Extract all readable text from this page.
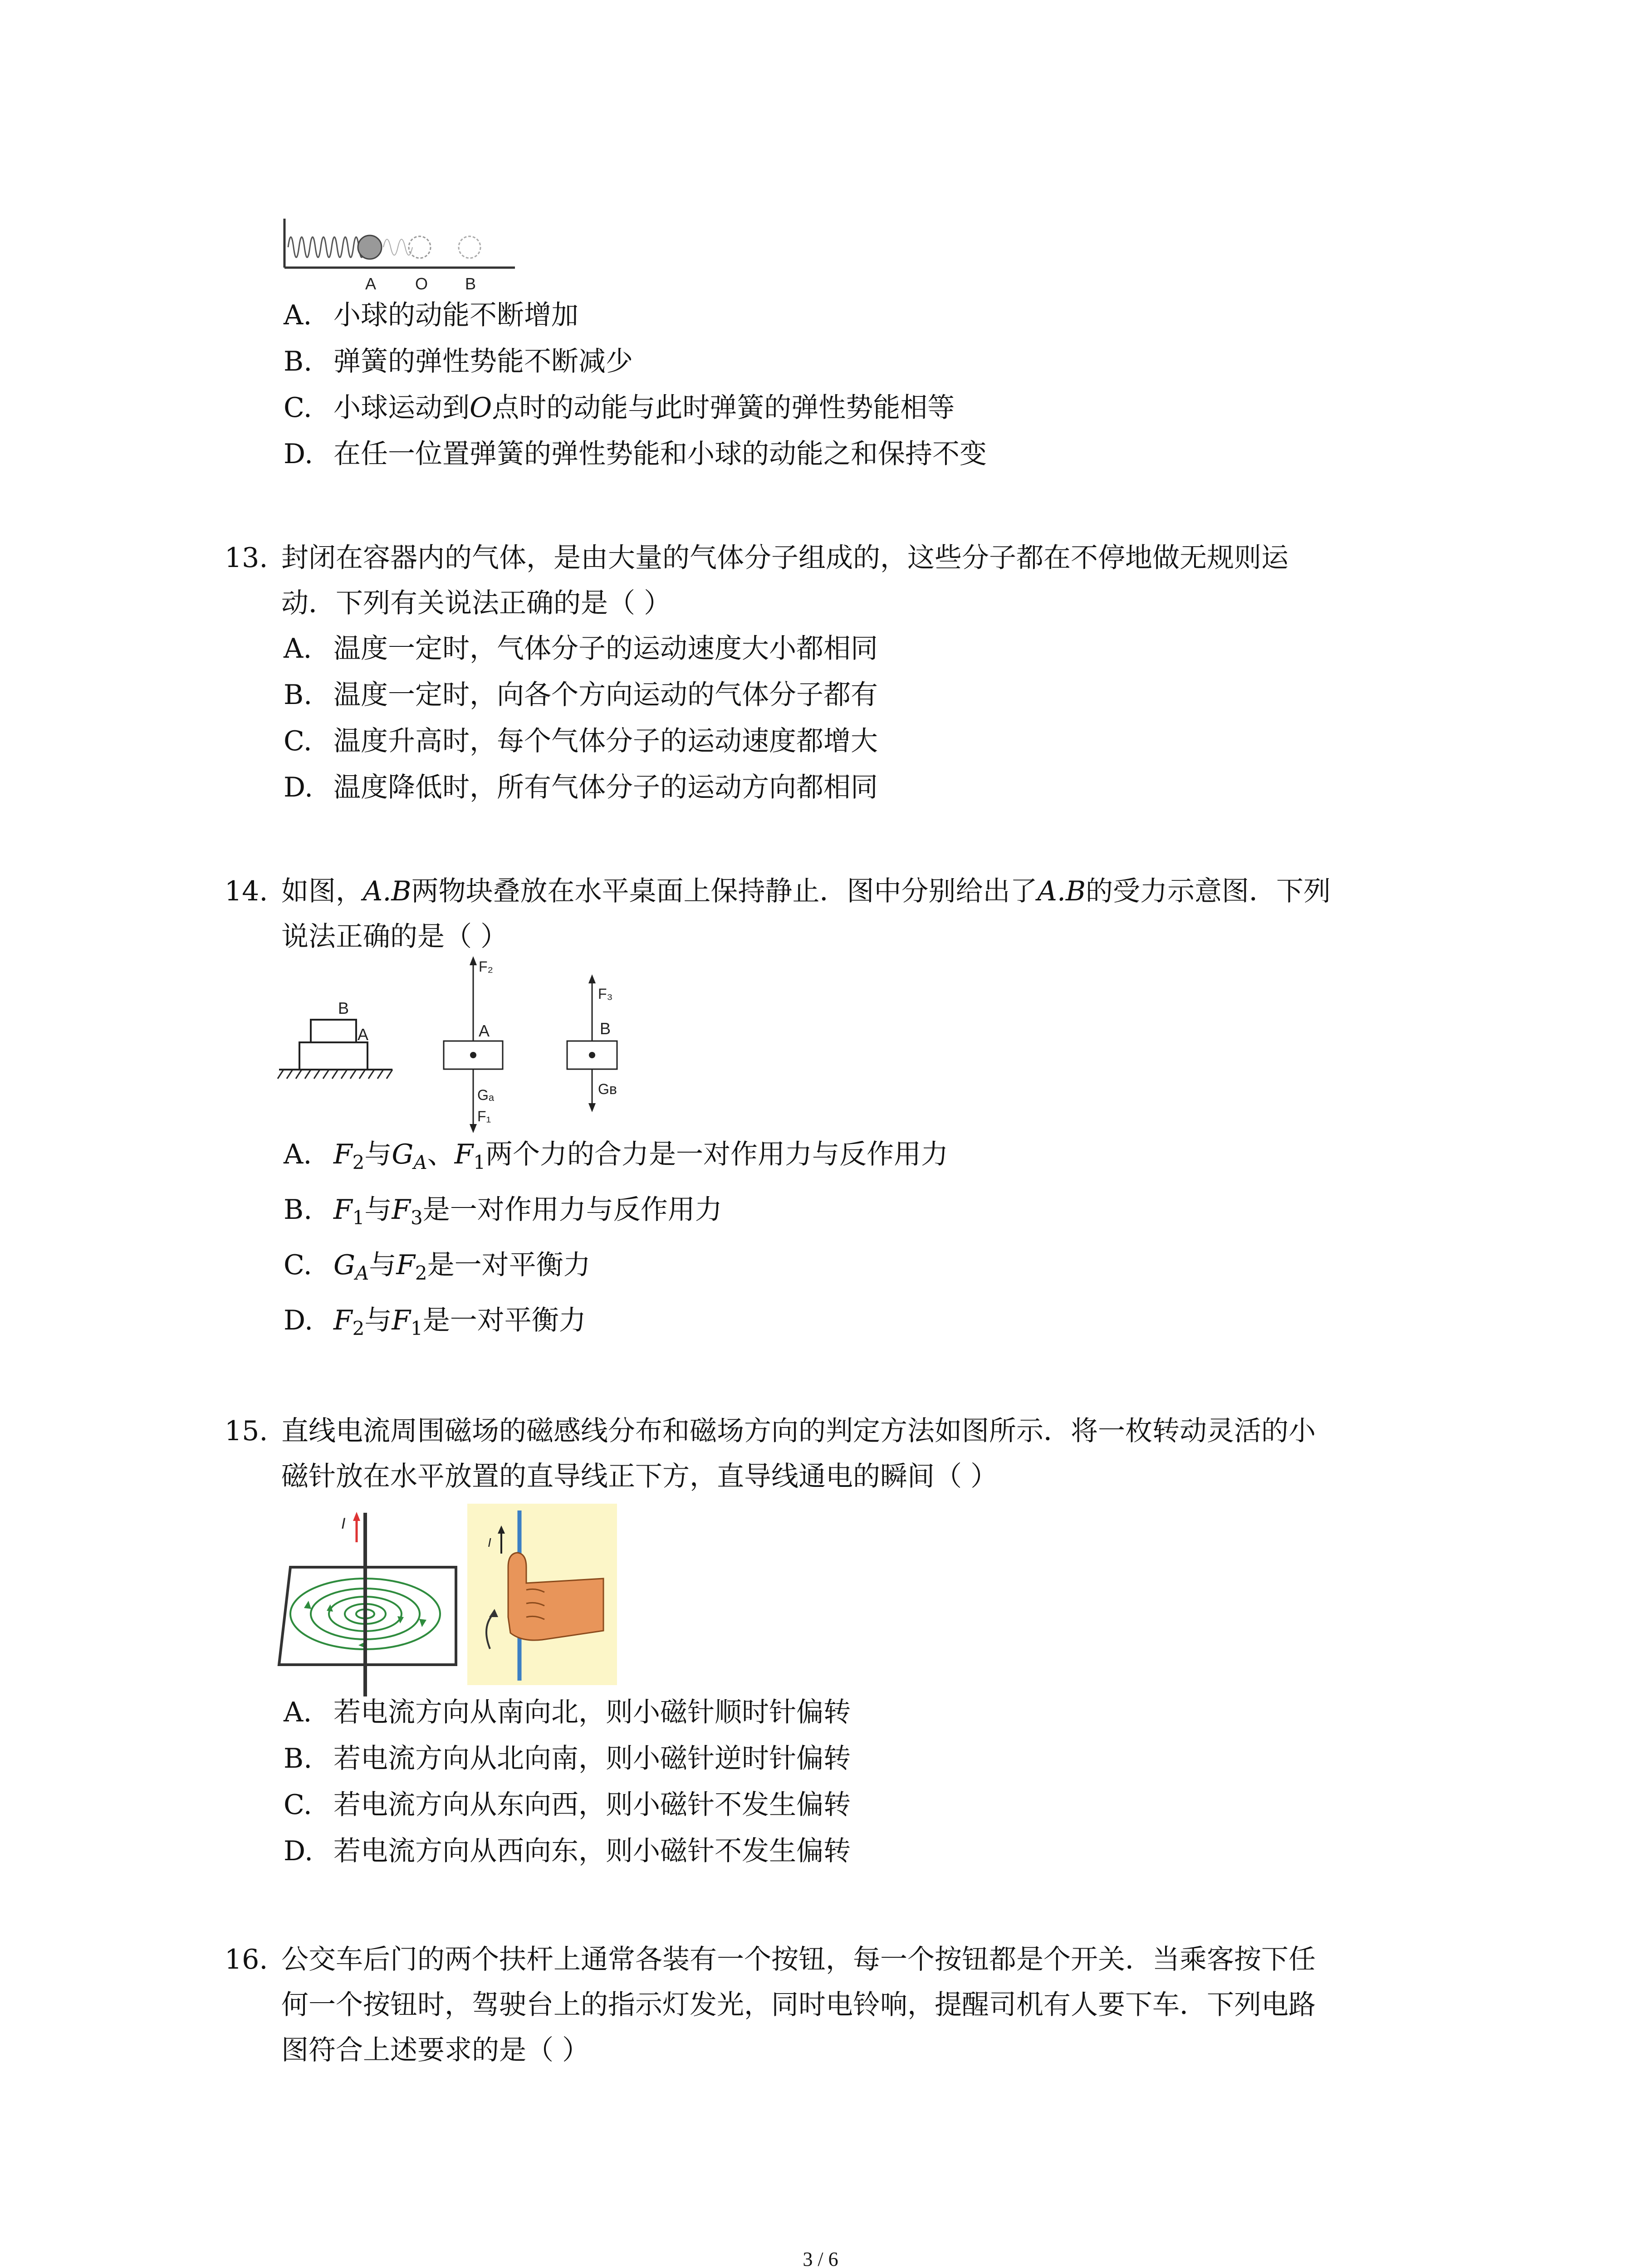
A O B
A. 小球的动能不断增加
B. 弹簧的弹性势能不断减少
C. 小球运动到O点时的动能与此时弹簧的弹性势能相等
D. 在任一位置弹簧的弹性势能和小球的动能之和保持不变
13. 封闭在容器内的气体，是由大量的气体分子组成的，这些分子都在不停地做无规则运
动．下列有关说法正确的是（ ）
A. 温度一定时，气体分子的运动速度大小都相同
B. 温度一定时，向各个方向运动的气体分子都有
C. 温度升高时，每个气体分子的运动速度都增大
D. 温度降低时，所有气体分子的运动方向都相同
14. 如图，A.B两物块叠放在水平桌面上保持静止．图中分别给出了A.B的受力示意图．下列
说法正确的是（ ）
B
A
F₂
A
Gₐ
F₁
F₃
B
Gʙ
A. $F_2$与$G_A$、$F_1$两个力的合力是一对作用力与反作用力
B. $F_1$与$F_3$是一对作用力与反作用力
C. $G_A$与$F_2$是一对平衡力
D. $F_2$与$F_1$是一对平衡力
15. 直线电流周围磁场的磁感线分布和磁场方向的判定方法如图所示．将一枚转动灵活的小
磁针放在水平放置的直导线正下方，直导线通电的瞬间（ ）
I
I
A. 若电流方向从南向北，则小磁针顺时针偏转
B. 若电流方向从北向南，则小磁针逆时针偏转
C. 若电流方向从东向西，则小磁针不发生偏转
D. 若电流方向从西向东，则小磁针不发生偏转
16. 公交车后门的两个扶杆上通常各装有一个按钮，每一个按钮都是个开关．当乘客按下任
何一个按钮时，驾驶台上的指示灯发光，同时电铃响，提醒司机有人要下车．下列电路
图符合上述要求的是（ ）
3 / 6
